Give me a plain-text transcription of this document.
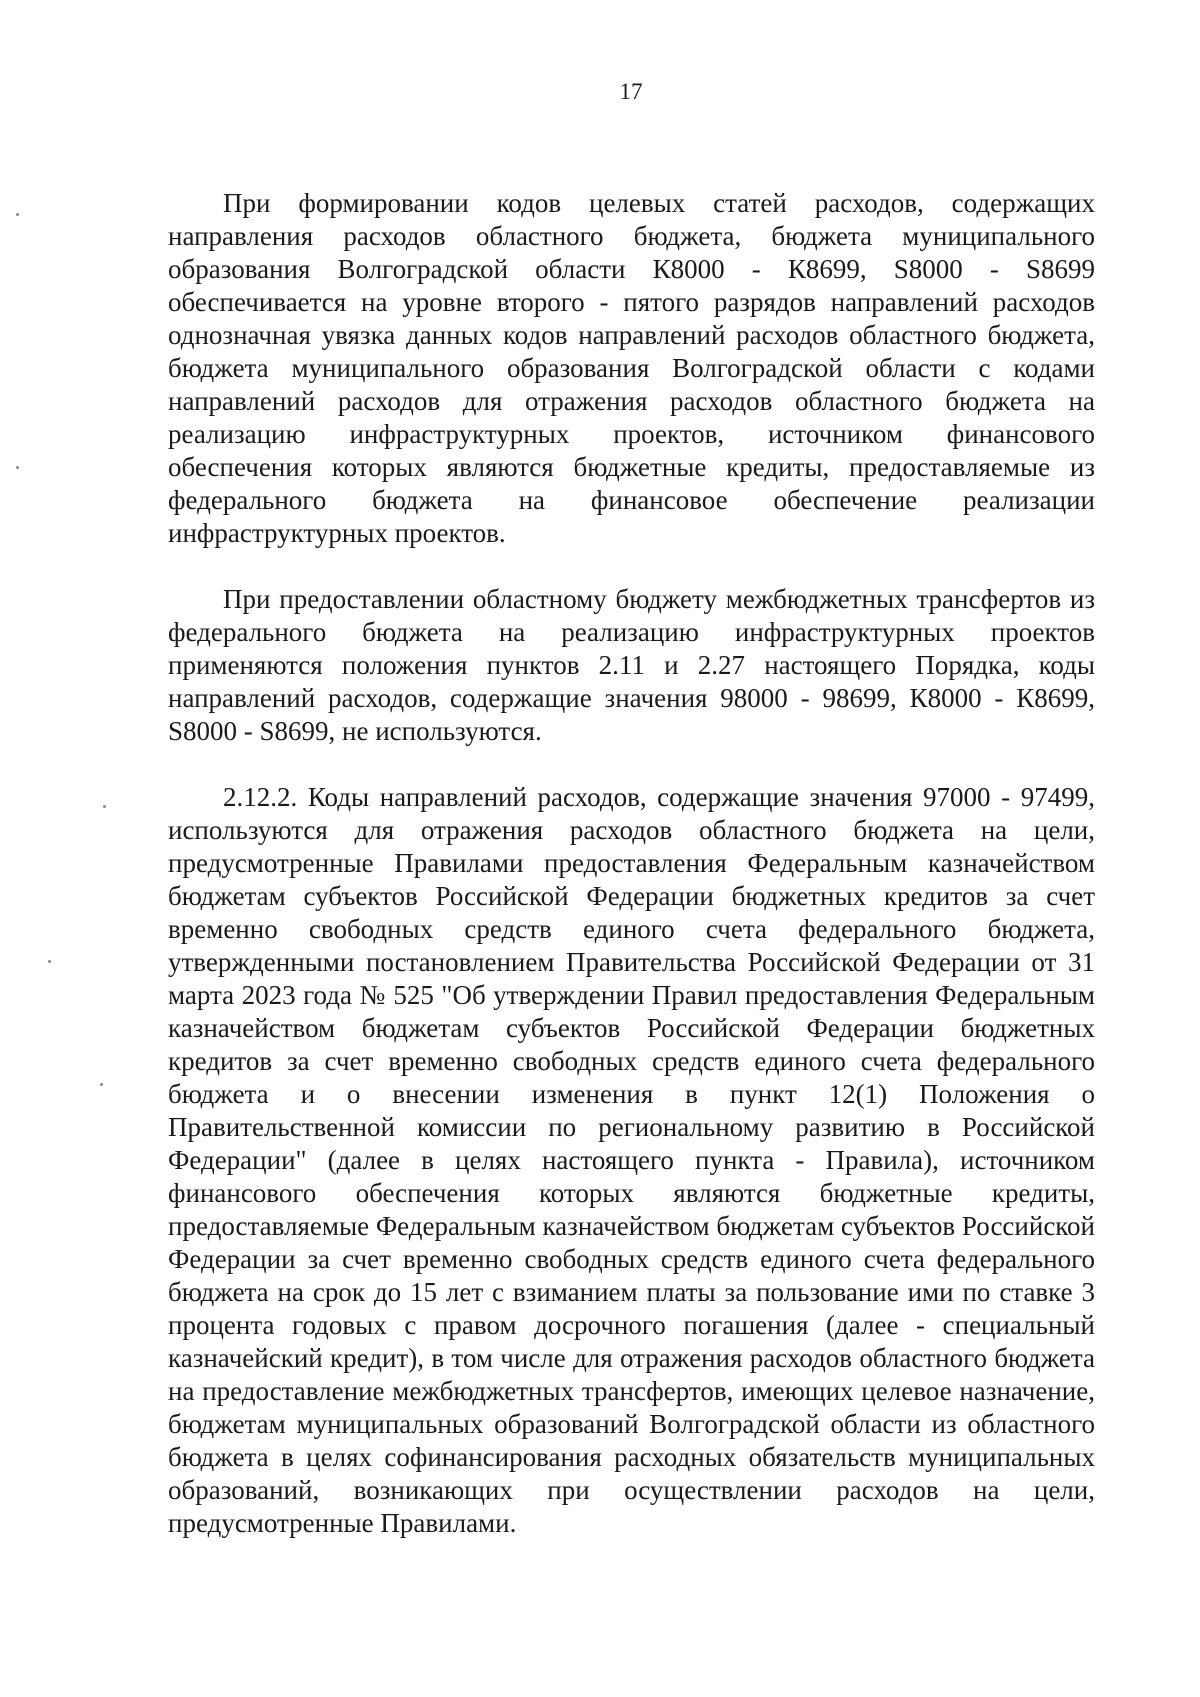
17

При формировании кодов целевых статей расходов, содержащих направления расходов областного бюджета, бюджета муниципального образования Волгоградской области К8000 - К8699, S8000 - S8699 обеспечивается на уровне второго - пятого разрядов направлений расходов однозначная увязка данных кодов направлений расходов областного бюджета, бюджета муниципального образования Волгоградской области с кодами направлений расходов для отражения расходов областного бюджета на реализацию инфраструктурных проектов, источником финансового обеспечения которых являются бюджетные кредиты, предоставляемые из федерального бюджета на финансовое обеспечение реализации инфраструктурных проектов.

При предоставлении областному бюджету межбюджетных трансфертов из федерального бюджета на реализацию инфраструктурных проектов применяются положения пунктов 2.11 и 2.27 настоящего Порядка, коды направлений расходов, содержащие значения 98000 - 98699, К8000 - К8699, S8000 - S8699, не используются.

2.12.2. Коды направлений расходов, содержащие значения 97000 - 97499, используются для отражения расходов областного бюджета на цели, предусмотренные Правилами предоставления Федеральным казначейством бюджетам субъектов Российской Федерации бюджетных кредитов за счет временно свободных средств единого счета федерального бюджета, утвержденными постановлением Правительства Российской Федерации от 31 марта 2023 года № 525 "Об утверждении Правил предоставления Федеральным казначейством бюджетам субъектов Российской Федерации бюджетных кредитов за счет временно свободных средств единого счета федерального бюджета и о внесении изменения в пункт 12(1) Положения о Правительственной комиссии по региональному развитию в Российской Федерации" (далее в целях настоящего пункта - Правила), источником финансового обеспечения которых являются бюджетные кредиты, предоставляемые Федеральным казначейством бюджетам субъектов Российской Федерации за счет временно свободных средств единого счета федерального бюджета на срок до 15 лет с взиманием платы за пользование ими по ставке 3 процента годовых с правом досрочного погашения (далее - специальный казначейский кредит), в том числе для отражения расходов областного бюджета на предоставление межбюджетных трансфертов, имеющих целевое назначение, бюджетам муниципальных образований Волгоградской области из областного бюджета в целях софинансирования расходных обязательств муниципальных образований, возникающих при осуществлении расходов на цели, предусмотренные Правилами.
